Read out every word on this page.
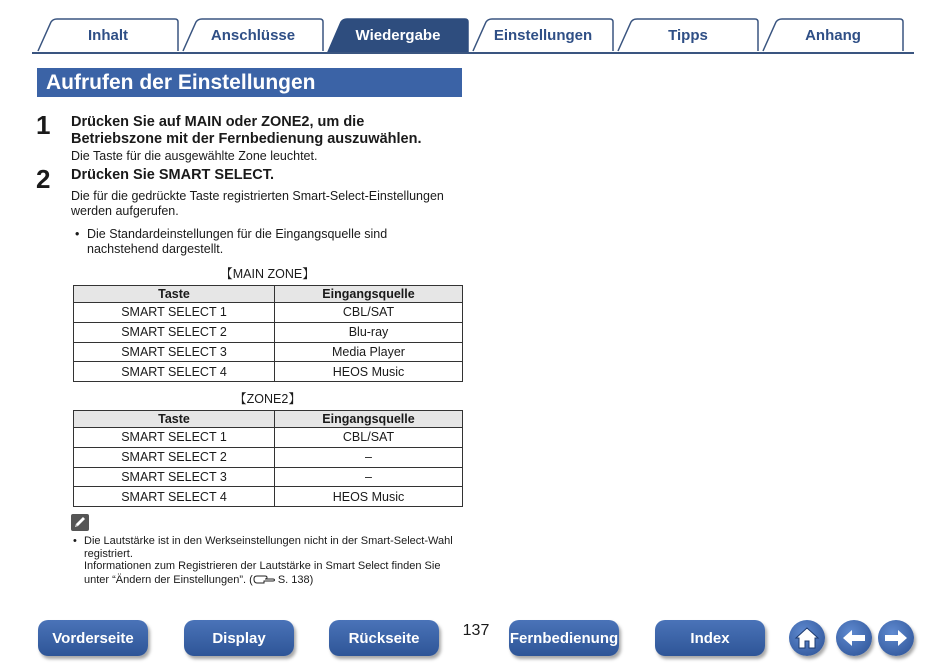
Inhalt	Anschlüsse	Wiedergabe	Einstellungen	Tipps	Anhang
Aufrufen der Einstellungen
1 Drücken Sie auf MAIN oder ZONE2, um die
Betriebszone mit der Fernbedienung auszuwählen.
Die Taste für die ausgewählte Zone leuchtet.
2 Drücken Sie SMART SELECT.
Die für die gedrückte Taste registrierten Smart-Select-Einstellungen
werden aufgerufen.
• Die Standardeinstellungen für die Eingangsquelle sind
nachstehend dargestellt.
【MAIN ZONE】
Taste	Eingangsquelle
SMART SELECT 1	CBL/SAT
SMART SELECT 2	Blu-ray
SMART SELECT 3	Media Player
SMART SELECT 4	HEOS Music
【ZONE2】
Taste	Eingangsquelle
SMART SELECT 1	CBL/SAT
SMART SELECT 2	–
SMART SELECT 3	–
SMART SELECT 4	HEOS Music
• Die Lautstärke ist in den Werkseinstellungen nicht in der Smart-Select-Wahl
registriert.
Informationen zum Registrieren der Lautstärke in Smart Select finden Sie
unter “Ändern der Einstellungen”. ( S. 138)
Vorderseite	Display	Rückseite	137	Fernbedienung	Index
